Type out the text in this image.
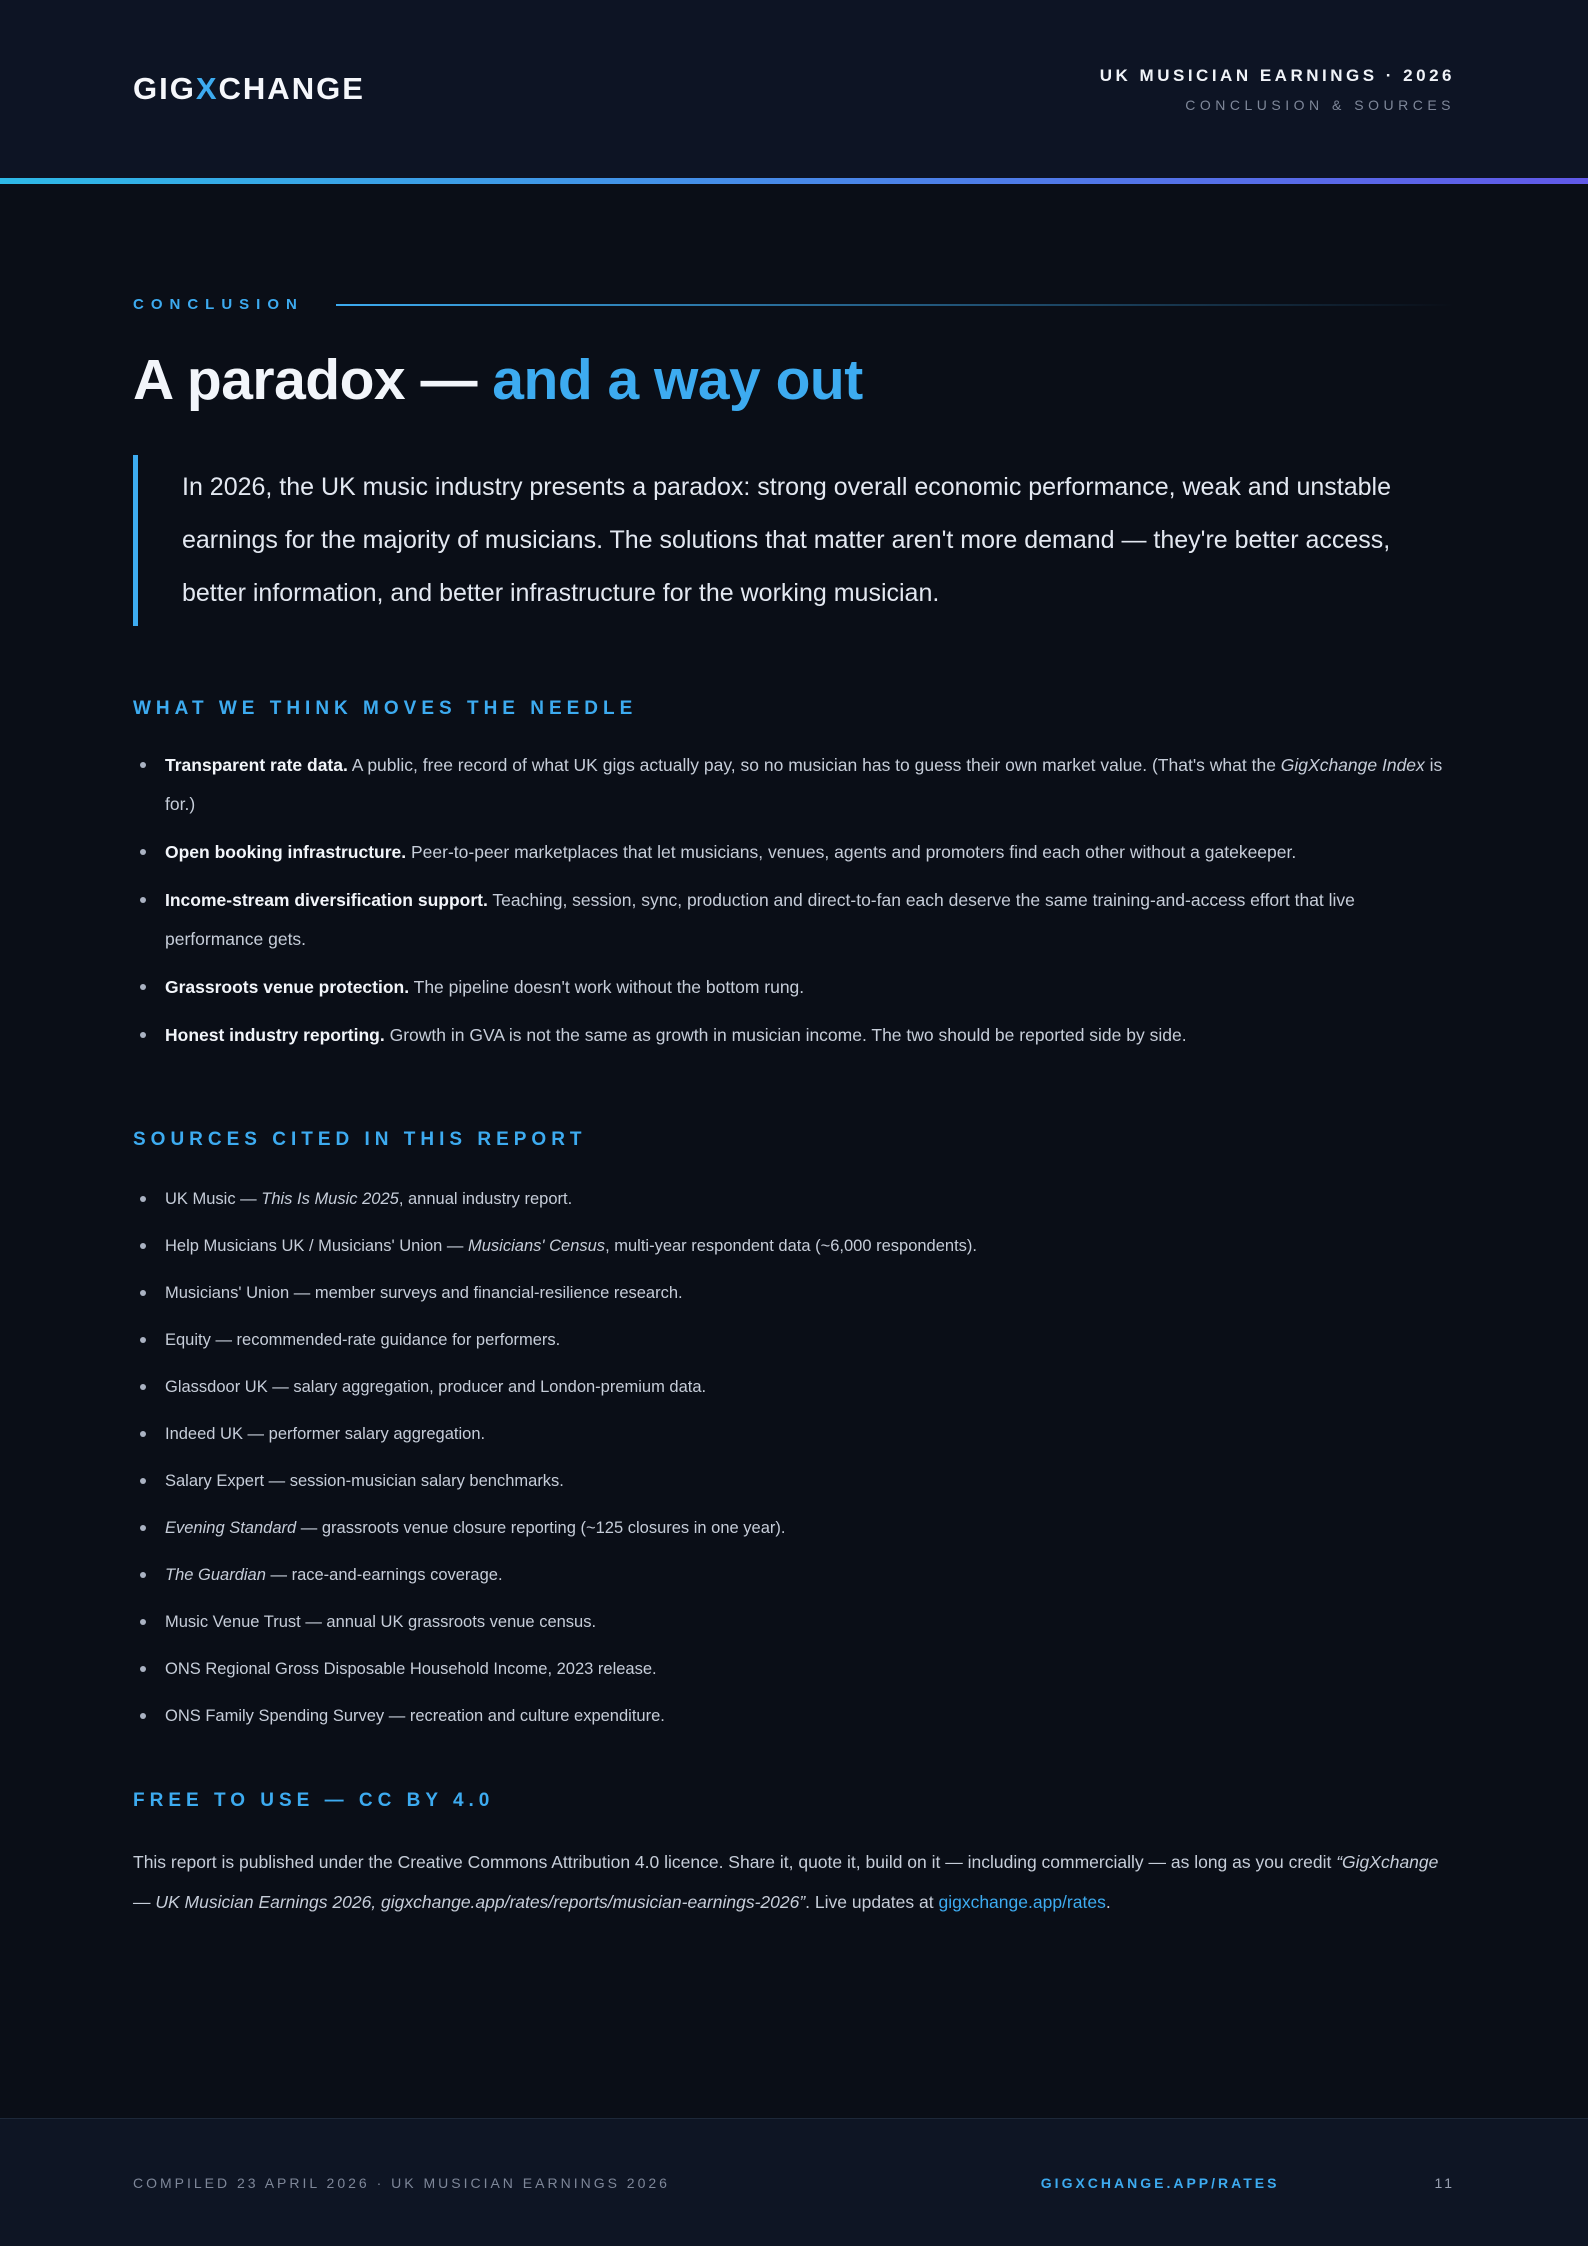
GIGXCHANGE	UK MUSICIAN EARNINGS · 2026
CONCLUSION & SOURCES
CONCLUSION
A paradox — and a way out
In 2026, the UK music industry presents a paradox: strong overall economic performance, weak and unstable earnings for the majority of musicians. The solutions that matter aren't more demand — they're better access, better information, and better infrastructure for the working musician.
WHAT WE THINK MOVES THE NEEDLE
Transparent rate data. A public, free record of what UK gigs actually pay, so no musician has to guess their own market value. (That's what the GigXchange Index is for.)
Open booking infrastructure. Peer-to-peer marketplaces that let musicians, venues, agents and promoters find each other without a gatekeeper.
Income-stream diversification support. Teaching, session, sync, production and direct-to-fan each deserve the same training-and-access effort that live performance gets.
Grassroots venue protection. The pipeline doesn't work without the bottom rung.
Honest industry reporting. Growth in GVA is not the same as growth in musician income. The two should be reported side by side.
SOURCES CITED IN THIS REPORT
UK Music — This Is Music 2025, annual industry report.
Help Musicians UK / Musicians' Union — Musicians' Census, multi-year respondent data (~6,000 respondents).
Musicians' Union — member surveys and financial-resilience research.
Equity — recommended-rate guidance for performers.
Glassdoor UK — salary aggregation, producer and London-premium data.
Indeed UK — performer salary aggregation.
Salary Expert — session-musician salary benchmarks.
Evening Standard — grassroots venue closure reporting (~125 closures in one year).
The Guardian — race-and-earnings coverage.
Music Venue Trust — annual UK grassroots venue census.
ONS Regional Gross Disposable Household Income, 2023 release.
ONS Family Spending Survey — recreation and culture expenditure.
FREE TO USE — CC BY 4.0

This report is published under the Creative Commons Attribution 4.0 licence. Share it, quote it, build on it — including commercially — as long as you credit “GigXchange — UK Musician Earnings 2026, gigxchange.app/rates/reports/musician-earnings-2026”. Live updates at gigxchange.app/rates.

COMPILED 23 APRIL 2026 · UK MUSICIAN EARNINGS 2026	GIGXCHANGE.APP/RATES	11
